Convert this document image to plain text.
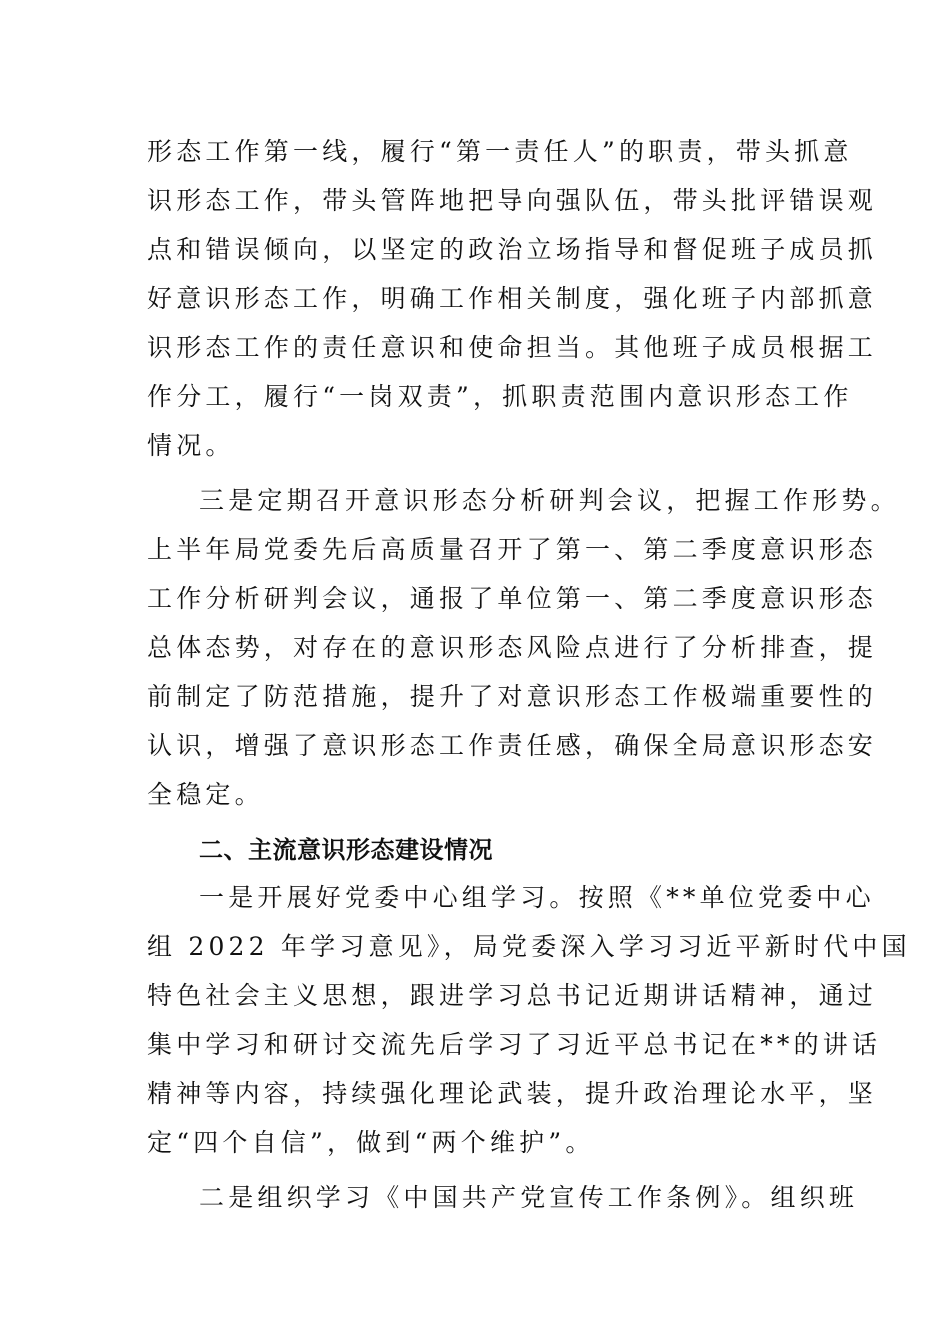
形态工作第一线，履行“第一责任人”的职责，带头抓意
识形态工作，带头管阵地把导向强队伍，带头批评错误观
点和错误倾向，以坚定的政治立场指导和督促班子成员抓
好意识形态工作，明确工作相关制度，强化班子内部抓意
识形态工作的责任意识和使命担当。其他班子成员根据工
作分工，履行“一岗双责”，抓职责范围内意识形态工作
情况。
三是定期召开意识形态分析研判会议，把握工作形势。
上半年局党委先后高质量召开了第一、第二季度意识形态
工作分析研判会议，通报了单位第一、第二季度意识形态
总体态势，对存在的意识形态风险点进行了分析排查，提
前制定了防范措施，提升了对意识形态工作极端重要性的
认识，增强了意识形态工作责任感，确保全局意识形态安
全稳定。
二、主流意识形态建设情况
一是开展好党委中心组学习。按照《**单位党委中心
组 2022 年学习意见》，局党委深入学习习近平新时代中国
特色社会主义思想，跟进学习总书记近期讲话精神，通过
集中学习和研讨交流先后学习了习近平总书记在**的讲话
精神等内容，持续强化理论武装，提升政治理论水平，坚
定“四个自信”，做到“两个维护”。
二是组织学习《中国共产党宣传工作条例》。组织班
